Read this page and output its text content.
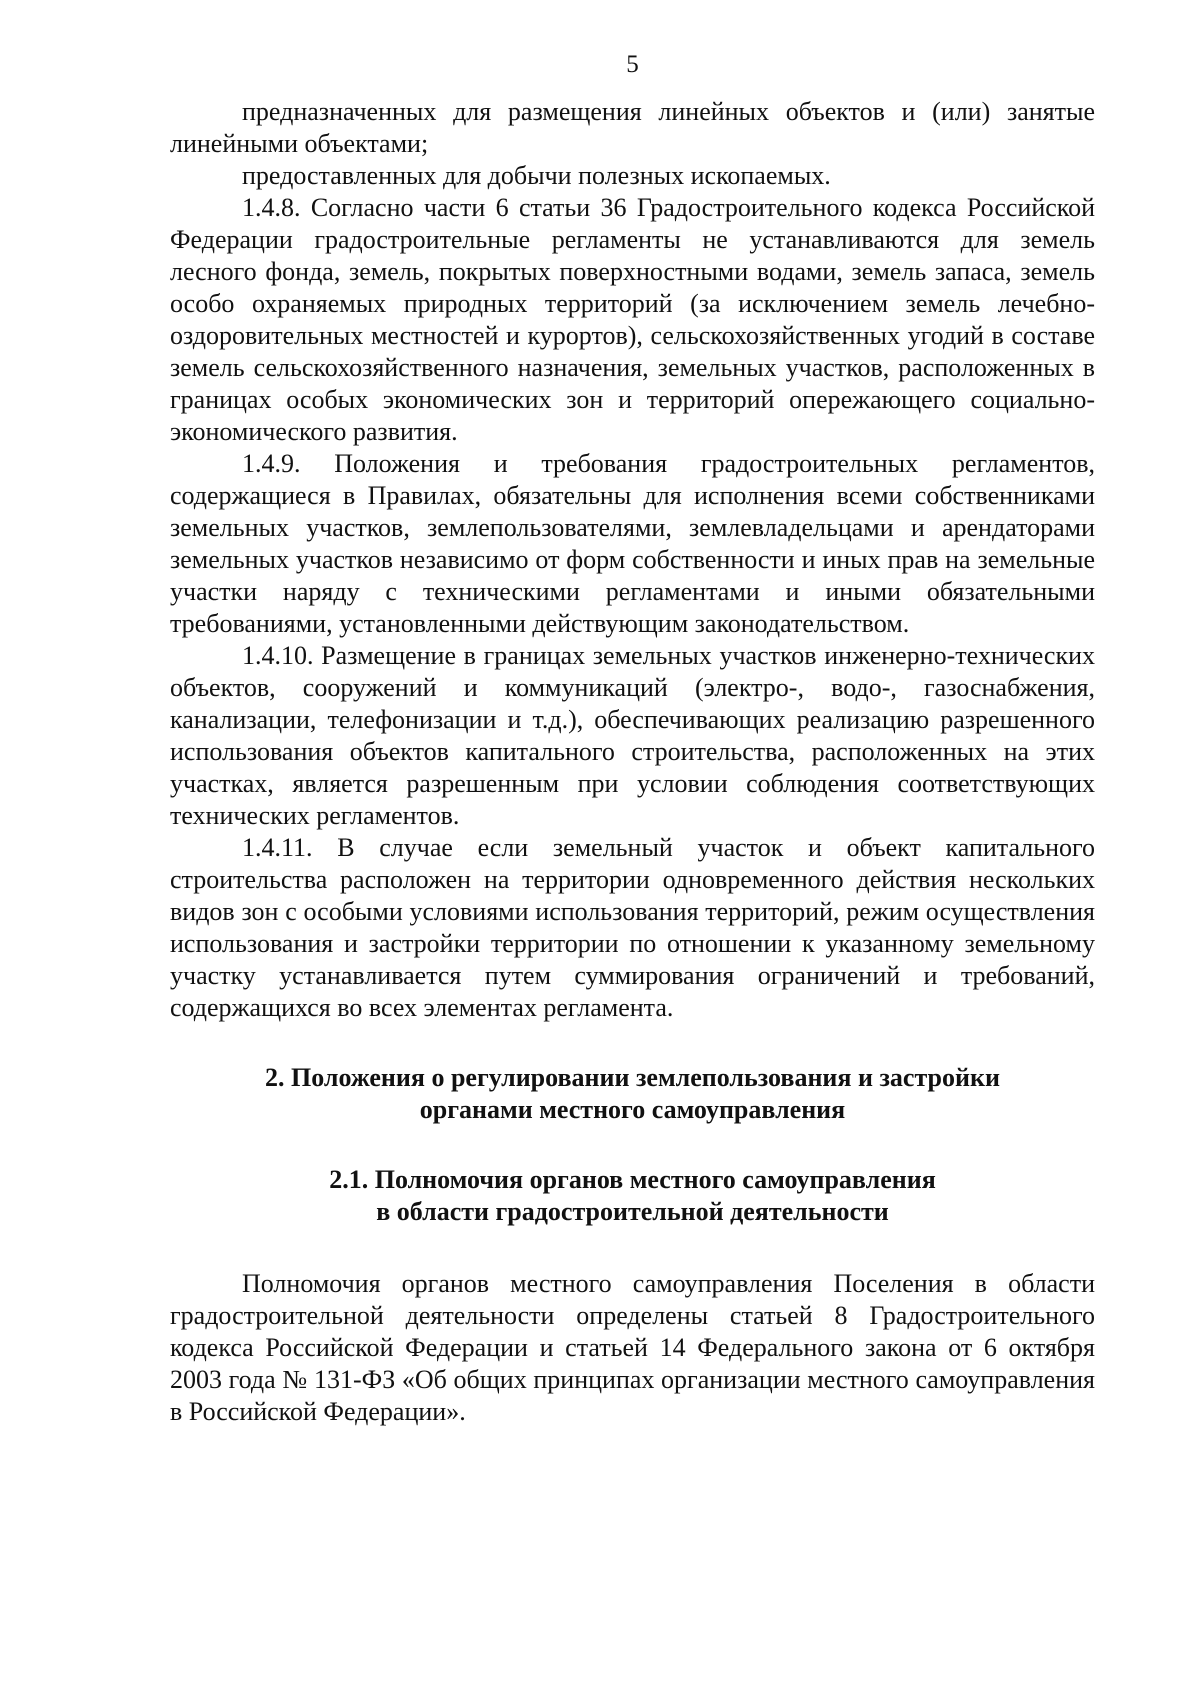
5

предназначенных для размещения линейных объектов и (или) занятые линейными объектами;

предоставленных для добычи полезных ископаемых.

1.4.8. Согласно части 6 статьи 36 Градостроительного кодекса Российской Федерации градостроительные регламенты не устанавливаются для земель лесного фонда, земель, покрытых поверхностными водами, земель запаса, земель особо охраняемых природных территорий (за исключением земель лечебно-оздоровительных местностей и курортов), сельскохозяйственных угодий в составе земель сельскохозяйственного назначения, земельных участков, расположенных в границах особых экономических зон и территорий опережающего социально-экономического развития.

1.4.9. Положения и требования градостроительных регламентов, содержащиеся в Правилах, обязательны для исполнения всеми собственниками земельных участков, землепользователями, землевладельцами и арендаторами земельных участков независимо от форм собственности и иных прав на земельные участки наряду с техническими регламентами и иными обязательными требованиями, установленными действующим законодательством.

1.4.10. Размещение в границах земельных участков инженерно-технических объектов, сооружений и коммуникаций (электро-, водо-, газоснабжения, канализации, телефонизации и т.д.), обеспечивающих реализацию разрешенного использования объектов капитального строительства, расположенных на этих участках, является разрешенным при условии соблюдения соответствующих технических регламентов.

1.4.11. В случае если земельный участок и объект капитального строительства расположен на территории одновременного действия нескольких видов зон с особыми условиями использования территорий, режим осуществления использования и застройки территории по отношении к указанному земельному участку устанавливается путем суммирования ограничений и требований, содержащихся во всех элементах регламента.

2. Положения о регулировании землепользования и застройки
органами местного самоуправления
2.1. Полномочия органов местного самоуправления
в области градостроительной деятельности

Полномочия органов местного самоуправления Поселения в области градостроительной деятельности определены статьей 8 Градостроительного кодекса Российской Федерации и статьей 14 Федерального закона от 6 октября 2003 года № 131-ФЗ «Об общих принципах организации местного самоуправления в Российской Федерации».
